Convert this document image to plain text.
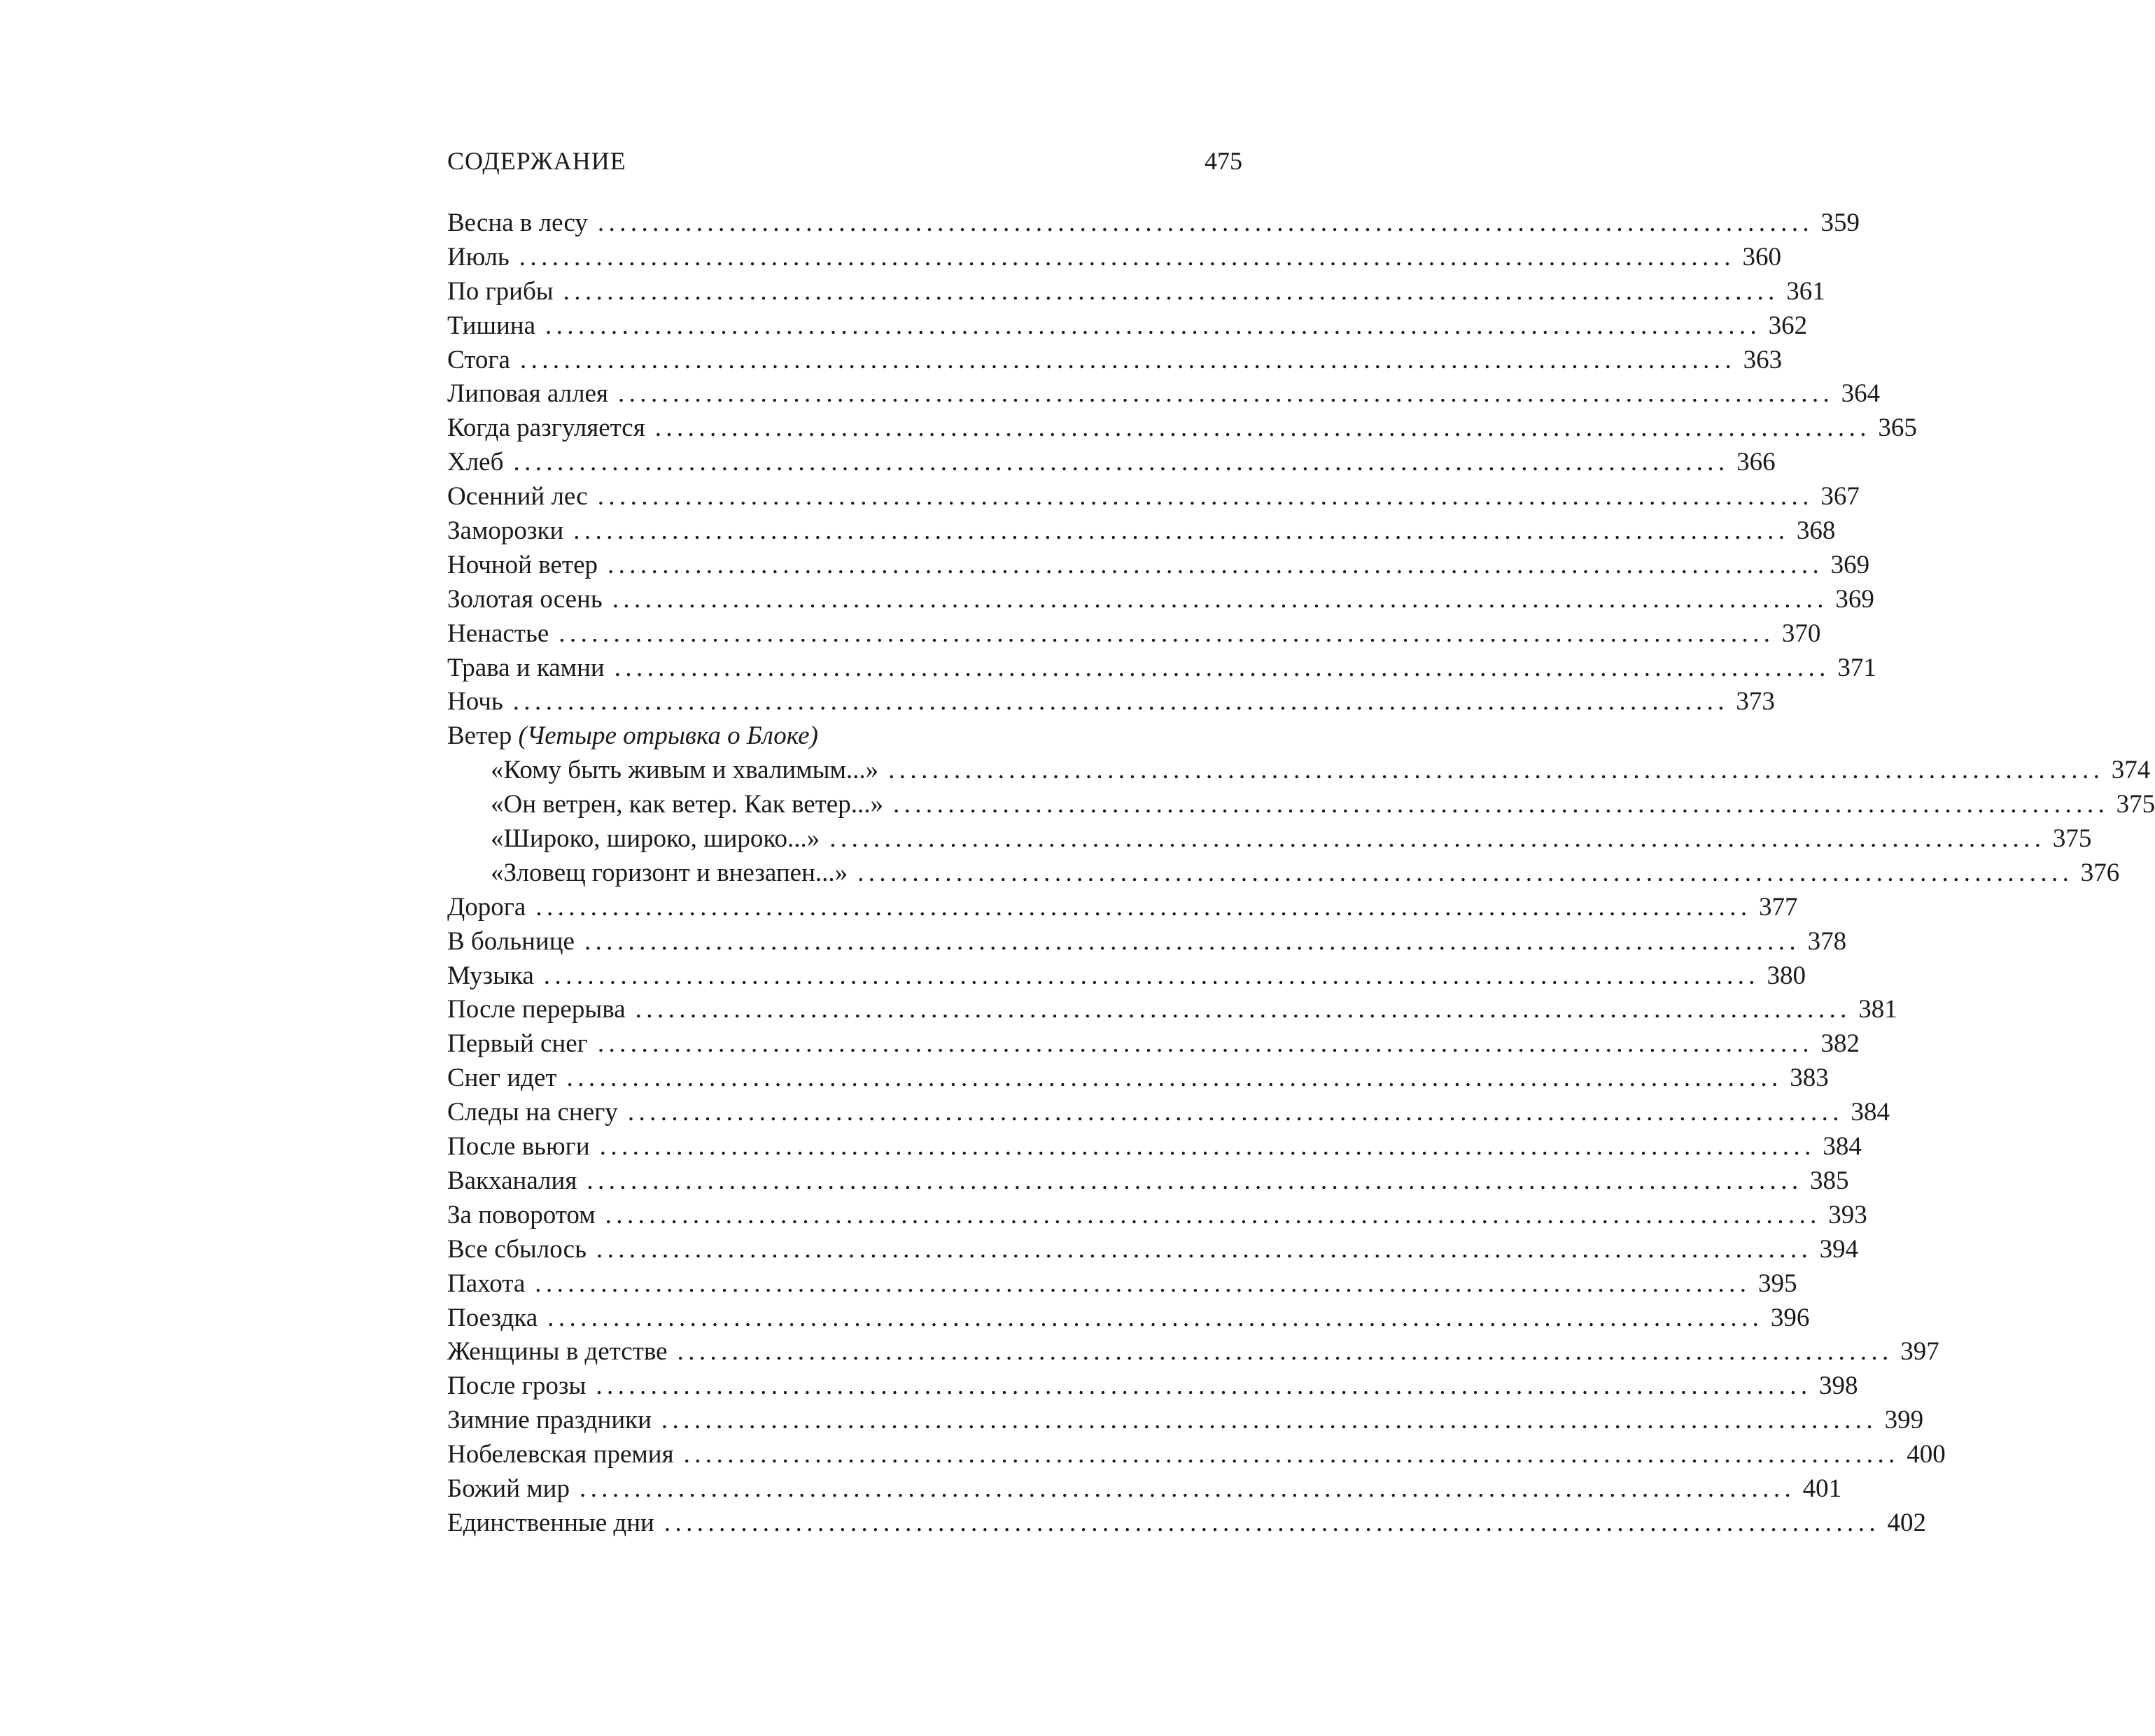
СОДЕРЖАНИЕ	475
Весна в лесу ............................................................................................................... 359
Июль ............................................................................................................... 360
По грибы ............................................................................................................... 361
Тишина ............................................................................................................... 362
Стога ............................................................................................................... 363
Липовая аллея ............................................................................................................... 364
Когда разгуляется ............................................................................................................... 365
Хлеб ............................................................................................................... 366
Осенний лес ............................................................................................................... 367
Заморозки ............................................................................................................... 368
Ночной ветер ............................................................................................................... 369
Золотая осень ............................................................................................................... 369
Ненастье ............................................................................................................... 370
Трава и камни ............................................................................................................... 371
Ночь ............................................................................................................... 373
Ветер (Четыре отрывка о Блоке)
«Кому быть живым и хвалимым...» ............................................................................................................... 374
«Он ветрен, как ветер. Как ветер...» ............................................................................................................... 375
«Широко, широко, широко...» ............................................................................................................... 375
«Зловещ горизонт и внезапен...» ............................................................................................................... 376
Дорога ............................................................................................................... 377
В больнице ............................................................................................................... 378
Музыка ............................................................................................................... 380
После перерыва ............................................................................................................... 381
Первый снег ............................................................................................................... 382
Снег идет ............................................................................................................... 383
Следы на снегу ............................................................................................................... 384
После вьюги ............................................................................................................... 384
Вакханалия ............................................................................................................... 385
За поворотом ............................................................................................................... 393
Все сбылось ............................................................................................................... 394
Пахота ............................................................................................................... 395
Поездка ............................................................................................................... 396
Женщины в детстве ............................................................................................................... 397
После грозы ............................................................................................................... 398
Зимние праздники ............................................................................................................... 399
Нобелевская премия ............................................................................................................... 400
Божий мир ............................................................................................................... 401
Единственные дни ............................................................................................................... 402
